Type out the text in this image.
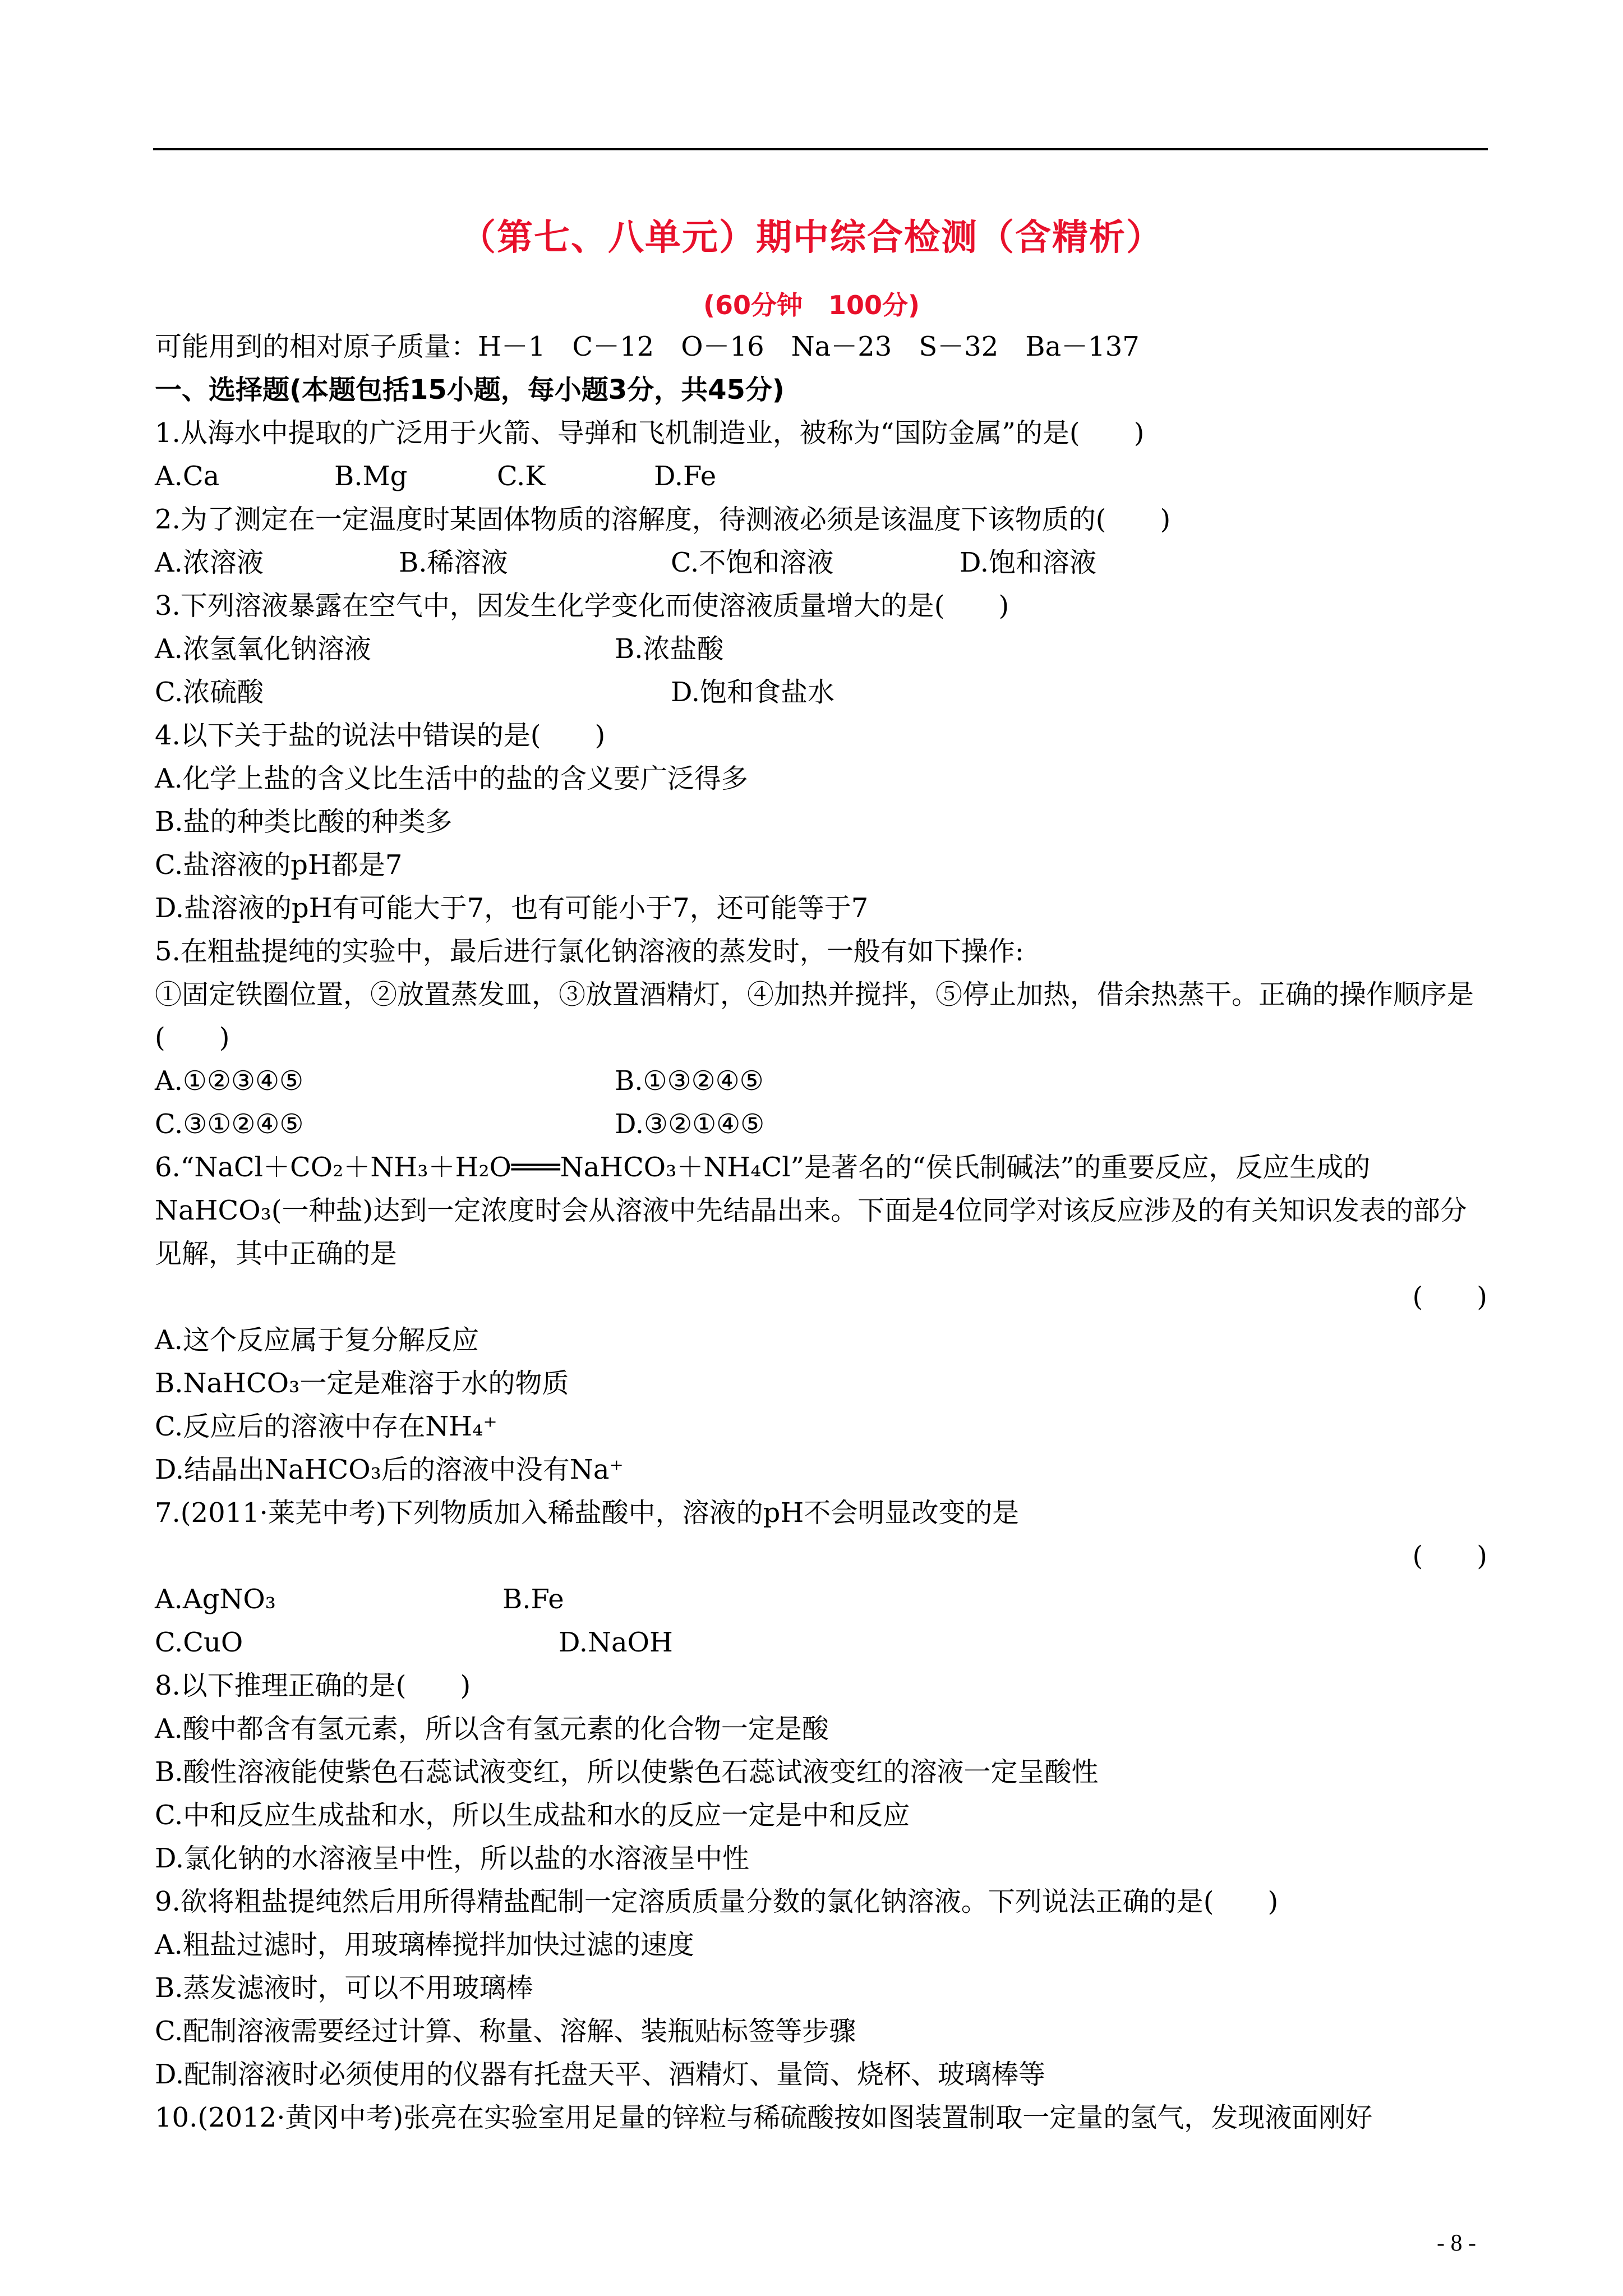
（第七、八单元）期中综合检测（含精析）
(60分钟　100分)
可能用到的相对原子质量：H－1　C－12　O－16　Na－23　S－32　Ba－137
一、选择题(本题包括15小题，每小题3分，共45分)
1.从海水中提取的广泛用于火箭、导弹和飞机制造业，被称为“国防金属”的是(　　)
A.Ca	B.Mg	C.K	D.Fe
2.为了测定在一定温度时某固体物质的溶解度，待测液必须是该温度下该物质的(　　)
A.浓溶液	B.稀溶液	C.不饱和溶液	D.饱和溶液
3.下列溶液暴露在空气中，因发生化学变化而使溶液质量增大的是(　　)
A.浓氢氧化钠溶液	B.浓盐酸
C.浓硫酸	D.饱和食盐水
4.以下关于盐的说法中错误的是(　　)
A.化学上盐的含义比生活中的盐的含义要广泛得多
B.盐的种类比酸的种类多
C.盐溶液的pH都是7
D.盐溶液的pH有可能大于7，也有可能小于7，还可能等于7
5.在粗盐提纯的实验中，最后进行氯化钠溶液的蒸发时，一般有如下操作:
①固定铁圈位置，②放置蒸发皿，③放置酒精灯，④加热并搅拌，⑤停止加热，借余热蒸干。正确的操作顺序是(　　)
A.①②③④⑤	B.①③②④⑤
C.③①②④⑤	D.③②①④⑤
6.“NaCl＋CO₂＋NH₃＋H₂O═══NaHCO₃＋NH₄Cl”是著名的“侯氏制碱法”的重要反应，反应生成的NaHCO₃(一种盐)达到一定浓度时会从溶液中先结晶出来。下面是4位同学对该反应涉及的有关知识发表的部分见解，其中正确的是
(　　)
A.这个反应属于复分解反应
B.NaHCO₃一定是难溶于水的物质
C.反应后的溶液中存在NH₄⁺
D.结晶出NaHCO₃后的溶液中没有Na⁺
7.(2011·莱芜中考)下列物质加入稀盐酸中，溶液的pH不会明显改变的是
(　　)
A.AgNO₃	B.Fe
C.CuO	D.NaOH
8.以下推理正确的是(　　)
A.酸中都含有氢元素，所以含有氢元素的化合物一定是酸
B.酸性溶液能使紫色石蕊试液变红，所以使紫色石蕊试液变红的溶液一定呈酸性
C.中和反应生成盐和水，所以生成盐和水的反应一定是中和反应
D.氯化钠的水溶液呈中性，所以盐的水溶液呈中性
9.欲将粗盐提纯然后用所得精盐配制一定溶质质量分数的氯化钠溶液。下列说法正确的是(　　)
A.粗盐过滤时，用玻璃棒搅拌加快过滤的速度
B.蒸发滤液时，可以不用玻璃棒
C.配制溶液需要经过计算、称量、溶解、装瓶贴标签等步骤
D.配制溶液时必须使用的仪器有托盘天平、酒精灯、量筒、烧杯、玻璃棒等
10.(2012·黄冈中考)张亮在实验室用足量的锌粒与稀硫酸按如图装置制取一定量的氢气，发现液面刚好
- 8 -
